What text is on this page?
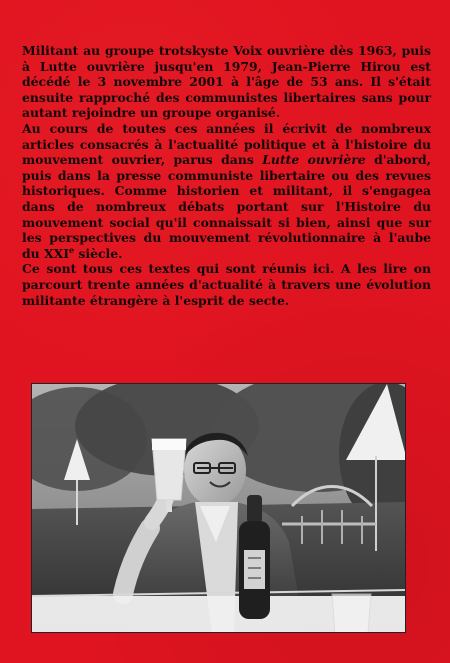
Militant au groupe trotskyste Voix ouvrière dès 1963, puis à Lutte ouvrière jusqu'en 1979, Jean-Pierre Hirou est décédé le 3 novembre 2001 à l'âge de 53 ans. Il s'était ensuite rapproché des communistes libertaires sans pour autant rejoindre un groupe organisé.

Au cours de toutes ces années il écrivit de nombreux articles consacrés à l'actualité politique et à l'histoire du mouvement ouvrier, parus dans Lutte ouvrière d'abord, puis dans la presse communiste libertaire ou des revues historiques. Comme historien et militant, il s'engagea dans de nombreux débats portant sur l'Histoire du mouvement social qu'il connaissait si bien, ainsi que sur les perspectives du mouvement révolutionnaire à l'aube du XXIe siècle.

Ce sont tous ces textes qui sont réunis ici. A les lire on parcourt trente années d'actualité à travers une évolution militante étrangère à l'esprit de secte.
